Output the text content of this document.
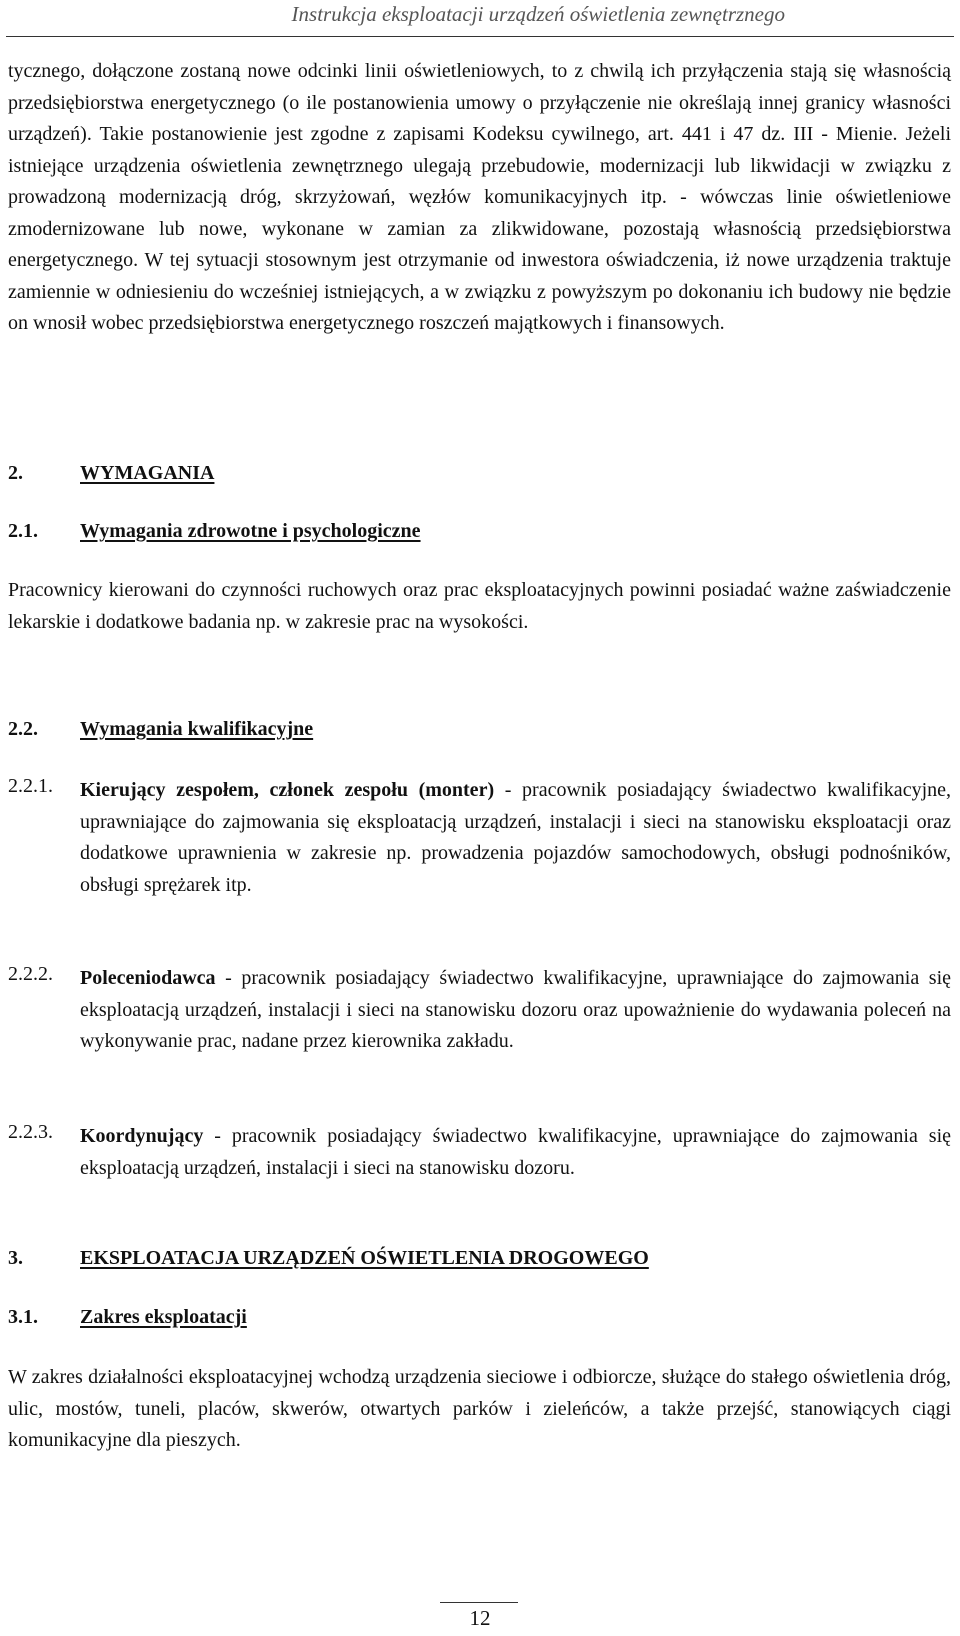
Instrukcja eksploatacji urządzeń oświetlenia zewnętrznego

tycznego, dołączone zostaną nowe odcinki linii oświetleniowych, to z chwilą ich przyłączenia stają się własnością przedsiębiorstwa energetycznego (o ile postanowienia umowy o przyłączenie nie określają innej granicy własności urządzeń). Takie postanowienie jest zgodne z zapisami Kodeksu cywilnego, art. 441 i 47 dz. III - Mienie. Jeżeli istniejące urządzenia oświetlenia zewnętrznego ulegają przebudowie, modernizacji lub likwidacji w związku z prowadzoną modernizacją dróg, skrzyżowań, węzłów komunikacyjnych itp. - wówczas linie oświetleniowe zmodernizowane lub nowe, wykonane w zamian za zlikwidowane, pozostają własnością przedsiębiorstwa energetycznego. W tej sytuacji stosownym jest otrzymanie od inwestora oświadczenia, iż nowe urządzenia traktuje zamiennie w odniesieniu do wcześniej istniejących, a w związku z powyższym po dokonaniu ich budowy nie będzie on wnosił wobec przedsiębiorstwa energetycznego roszczeń majątkowych i finansowych.

2.	WYMAGANIA
2.1. Wymagania zdrowotne i psychologiczne

Pracownicy kierowani do czynności ruchowych oraz prac eksploatacyjnych powinni posiadać ważne zaświadczenie lekarskie i dodatkowe badania np. w zakresie prac na wysokości.

2.2. Wymagania kwalifikacyjne
2.2.1. Kierujący zespołem, członek zespołu (monter) - pracownik posiadający świadectwo kwalifikacyjne, uprawniające do zajmowania się eksploatacją urządzeń, instalacji i sieci na stanowisku eksploatacji oraz dodatkowe uprawnienia w zakresie np. prowadzenia pojazdów samochodowych, obsługi podnośników, obsługi sprężarek itp.

2.2.2. Poleceniodawca - pracownik posiadający świadectwo kwalifikacyjne, uprawniające do zajmowania się eksploatacją urządzeń, instalacji i sieci na stanowisku dozoru oraz upoważnienie do wydawania poleceń na wykonywanie prac, nadane przez kierownika zakładu.

2.2.3. Koordynujący - pracownik posiadający świadectwo kwalifikacyjne, uprawniające do zajmowania się eksploatacją urządzeń, instalacji i sieci na stanowisku dozoru.

3.	EKSPLOATACJA URZĄDZEŃ OŚWIETLENIA DROGOWEGO
3.1. Zakres eksploatacji

W zakres działalności eksploatacyjnej wchodzą urządzenia sieciowe i odbiorcze, służące do stałego oświetlenia dróg, ulic, mostów, tuneli, placów, skwerów, otwartych parków i zieleńców, a także przejść, stanowiących ciągi komunikacyjne dla pieszych.

12
